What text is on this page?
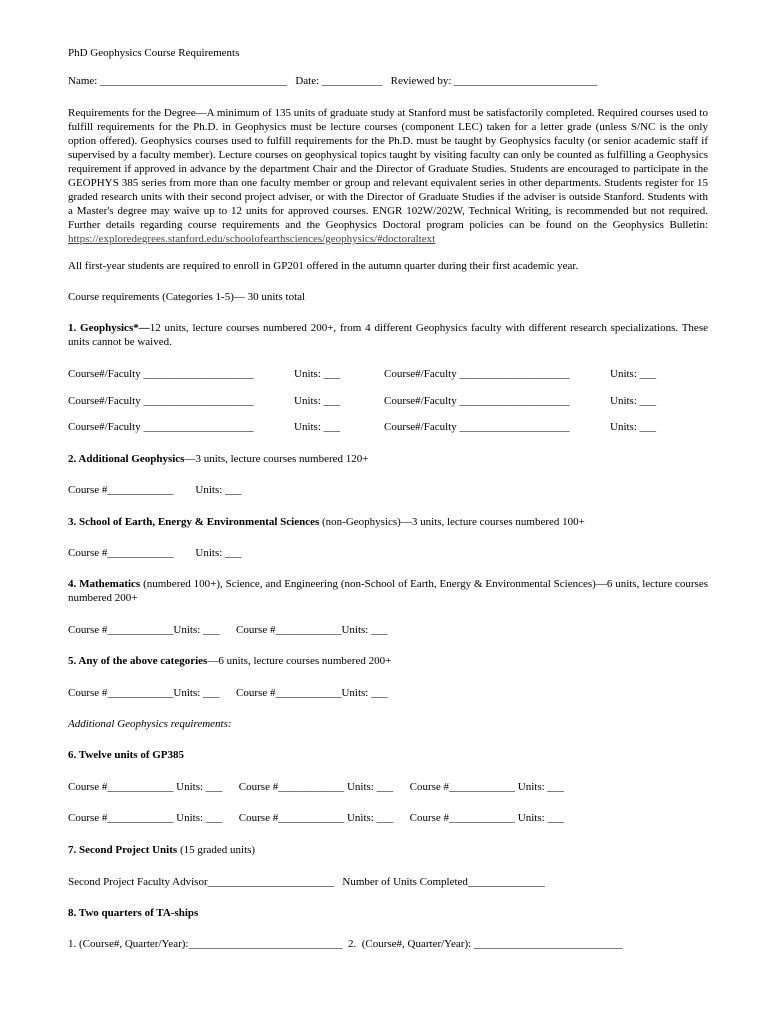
PhD Geophysics Course Requirements
Name: __________________________________   Date: ___________   Reviewed by: __________________________
Requirements for the Degree—A minimum of 135 units of graduate study at Stanford must be satisfactorily completed. Required courses used to fulfill requirements for the Ph.D. in Geophysics must be lecture courses (component LEC) taken for a letter grade (unless S/NC is the only option offered). Geophysics courses used to fulfill requirements for the Ph.D. must be taught by Geophysics faculty (or senior academic staff if supervised by a faculty member). Lecture courses on geophysical topics taught by visiting faculty can only be counted as fulfilling a Geophysics requirement if approved in advance by the department Chair and the Director of Graduate Studies. Students are encouraged to participate in the GEOPHYS 385 series from more than one faculty member or group and relevant equivalent series in other departments. Students register for 15 graded research units with their second project adviser, or with the Director of Graduate Studies if the adviser is outside Stanford. Students with a Master's degree may waive up to 12 units for approved courses. ENGR 102W/202W, Technical Writing, is recommended but not required. Further details regarding course requirements and the Geophysics Doctoral program policies can be found on the Geophysics Bulletin: https://exploredegrees.stanford.edu/schoolofearthsciences/geophysics/#doctoraltext
All first-year students are required to enroll in GP201 offered in the autumn quarter during their first academic year.
Course requirements (Categories 1-5)— 30 units total
1. Geophysics*—12 units, lecture courses numbered 200+, from 4 different Geophysics faculty with different research specializations. These units cannot be waived.
Course#/Faculty ____________________	Units: ___	Course#/Faculty ____________________	Units: ___
Course#/Faculty ____________________	Units: ___	Course#/Faculty ____________________	Units: ___
Course#/Faculty ____________________	Units: ___	Course#/Faculty ____________________	Units: ___
2. Additional Geophysics—3 units, lecture courses numbered 120+
Course #____________        Units: ___
3. School of Earth, Energy & Environmental Sciences (non-Geophysics)—3 units, lecture courses numbered 100+
Course #____________        Units: ___
4. Mathematics (numbered 100+), Science, and Engineering (non-School of Earth, Energy & Environmental Sciences)—6 units, lecture courses numbered 200+
Course #____________Units: ___      Course #____________Units: ___
5. Any of the above categories—6 units, lecture courses numbered 200+
Course #____________Units: ___      Course #____________Units: ___
Additional Geophysics requirements:
6. Twelve units of GP385
Course #____________ Units: ___      Course #____________ Units: ___      Course #____________ Units: ___
Course #____________ Units: ___      Course #____________ Units: ___      Course #____________ Units: ___
7. Second Project Units (15 graded units)
Second Project Faculty Advisor_______________________   Number of Units Completed______________
8. Two quarters of TA-ships
1. (Course#, Quarter/Year):____________________________  2.  (Course#, Quarter/Year): ___________________________
